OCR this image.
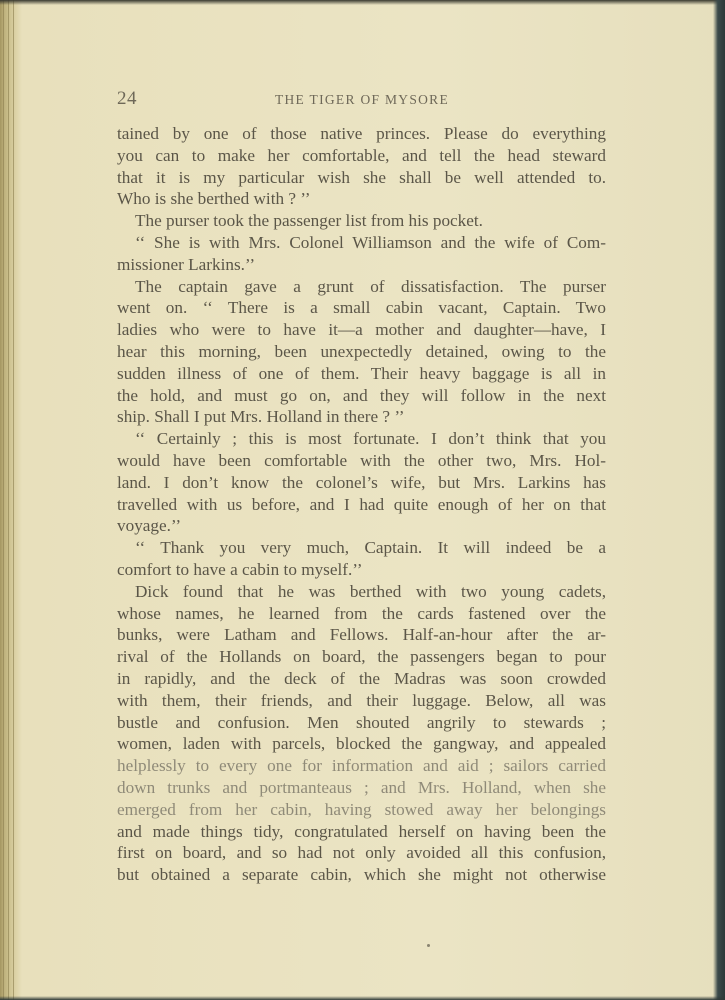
24	THE TIGER OF MYSORE
tained by one of those native princes. Please do everything
you can to make her comfortable, and tell the head steward
that it is my particular wish she shall be well attended to.
Who is she berthed with ? ’’
The purser took the passenger list from his pocket.
‘‘ She is with Mrs. Colonel Williamson and the wife of Com-
missioner Larkins.’’
The captain gave a grunt of dissatisfaction. The purser
went on. ‘‘ There is a small cabin vacant, Captain. Two
ladies who were to have it—a mother and daughter—have, I
hear this morning, been unexpectedly detained, owing to the
sudden illness of one of them. Their heavy baggage is all in
the hold, and must go on, and they will follow in the next
ship. Shall I put Mrs. Holland in there ? ’’
‘‘ Certainly ; this is most fortunate. I don’t think that you
would have been comfortable with the other two, Mrs. Hol-
land. I don’t know the colonel’s wife, but Mrs. Larkins has
travelled with us before, and I had quite enough of her on that
voyage.’’
‘‘ Thank you very much, Captain. It will indeed be a
comfort to have a cabin to myself.’’
Dick found that he was berthed with two young cadets,
whose names, he learned from the cards fastened over the
bunks, were Latham and Fellows. Half-an-hour after the ar-
rival of the Hollands on board, the passengers began to pour
in rapidly, and the deck of the Madras was soon crowded
with them, their friends, and their luggage. Below, all was
bustle and confusion. Men shouted angrily to stewards ;
women, laden with parcels, blocked the gangway, and appealed
helplessly to every one for information and aid ; sailors carried
down trunks and portmanteaus ; and Mrs. Holland, when she
emerged from her cabin, having stowed away her belongings
and made things tidy, congratulated herself on having been the
first on board, and so had not only avoided all this confusion,
but obtained a separate cabin, which she might not otherwise
